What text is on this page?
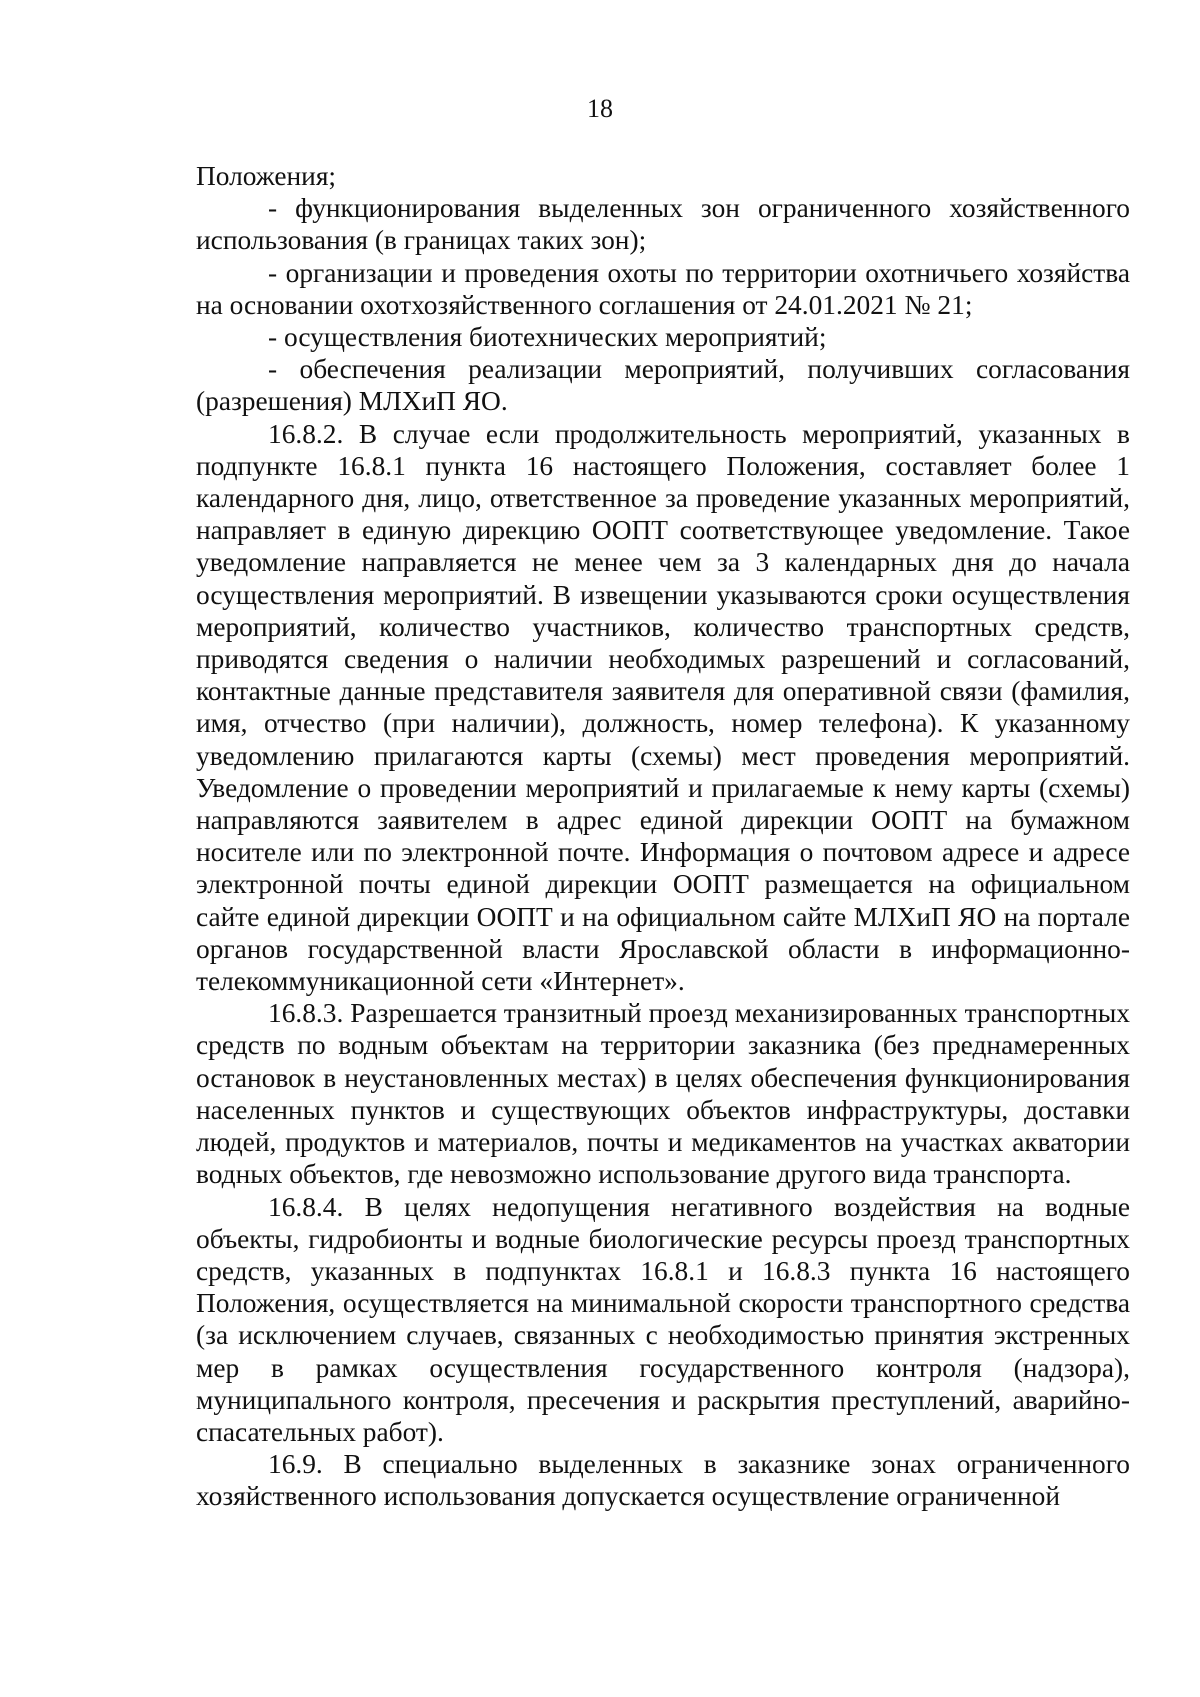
18

Положения;

- функционирования выделенных зон ограниченного хозяйственного использования (в границах таких зон);

- организации и проведения охоты по территории охотничьего хозяйства на основании охотхозяйственного соглашения от 24.01.2021 № 21;

- осуществления биотехнических мероприятий;

- обеспечения реализации мероприятий, получивших согласования (разрешения) МЛХиП ЯО.

16.8.2. В случае если продолжительность мероприятий, указанных в подпункте 16.8.1 пункта 16 настоящего Положения, составляет более 1 календарного дня, лицо, ответственное за проведение указанных мероприятий, направляет в единую дирекцию ООПТ соответствующее уведомление. Такое уведомление направляется не менее чем за 3 календарных дня до начала осуществления мероприятий. В извещении указываются сроки осуществления мероприятий, количество участников, количество транспортных средств, приводятся сведения о наличии необходимых разрешений и согласований, контактные данные представителя заявителя для оперативной связи (фамилия, имя, отчество (при наличии), должность, номер телефона). К указанному уведомлению прилагаются карты (схемы) мест проведения мероприятий. Уведомление о проведении мероприятий и прилагаемые к нему карты (схемы) направляются заявителем в адрес единой дирекции ООПТ на бумажном носителе или по электронной почте. Информация о почтовом адресе и адресе электронной почты единой дирекции ООПТ размещается на официальном сайте единой дирекции ООПТ и на официальном сайте МЛХиП ЯО на портале органов государственной власти Ярославской области в информационно-телекоммуникационной сети «Интернет».

16.8.3. Разрешается транзитный проезд механизированных транспортных средств по водным объектам на территории заказника (без преднамеренных остановок в неустановленных местах) в целях обеспечения функционирования населенных пунктов и существующих объектов инфраструктуры, доставки людей, продуктов и материалов, почты и медикаментов на участках акватории водных объектов, где невозможно использование другого вида транспорта.

16.8.4. В целях недопущения негативного воздействия на водные объекты, гидробионты и водные биологические ресурсы проезд транспортных средств, указанных в подпунктах 16.8.1 и 16.8.3 пункта 16 настоящего Положения, осуществляется на минимальной скорости транспортного средства (за исключением случаев, связанных с необходимостью принятия экстренных мер в рамках осуществления государственного контроля (надзора), муниципального контроля, пресечения и раскрытия преступлений, аварийно-спасательных работ).

16.9. В специально выделенных в заказнике зонах ограниченного хозяйственного использования допускается осуществление ограниченной
